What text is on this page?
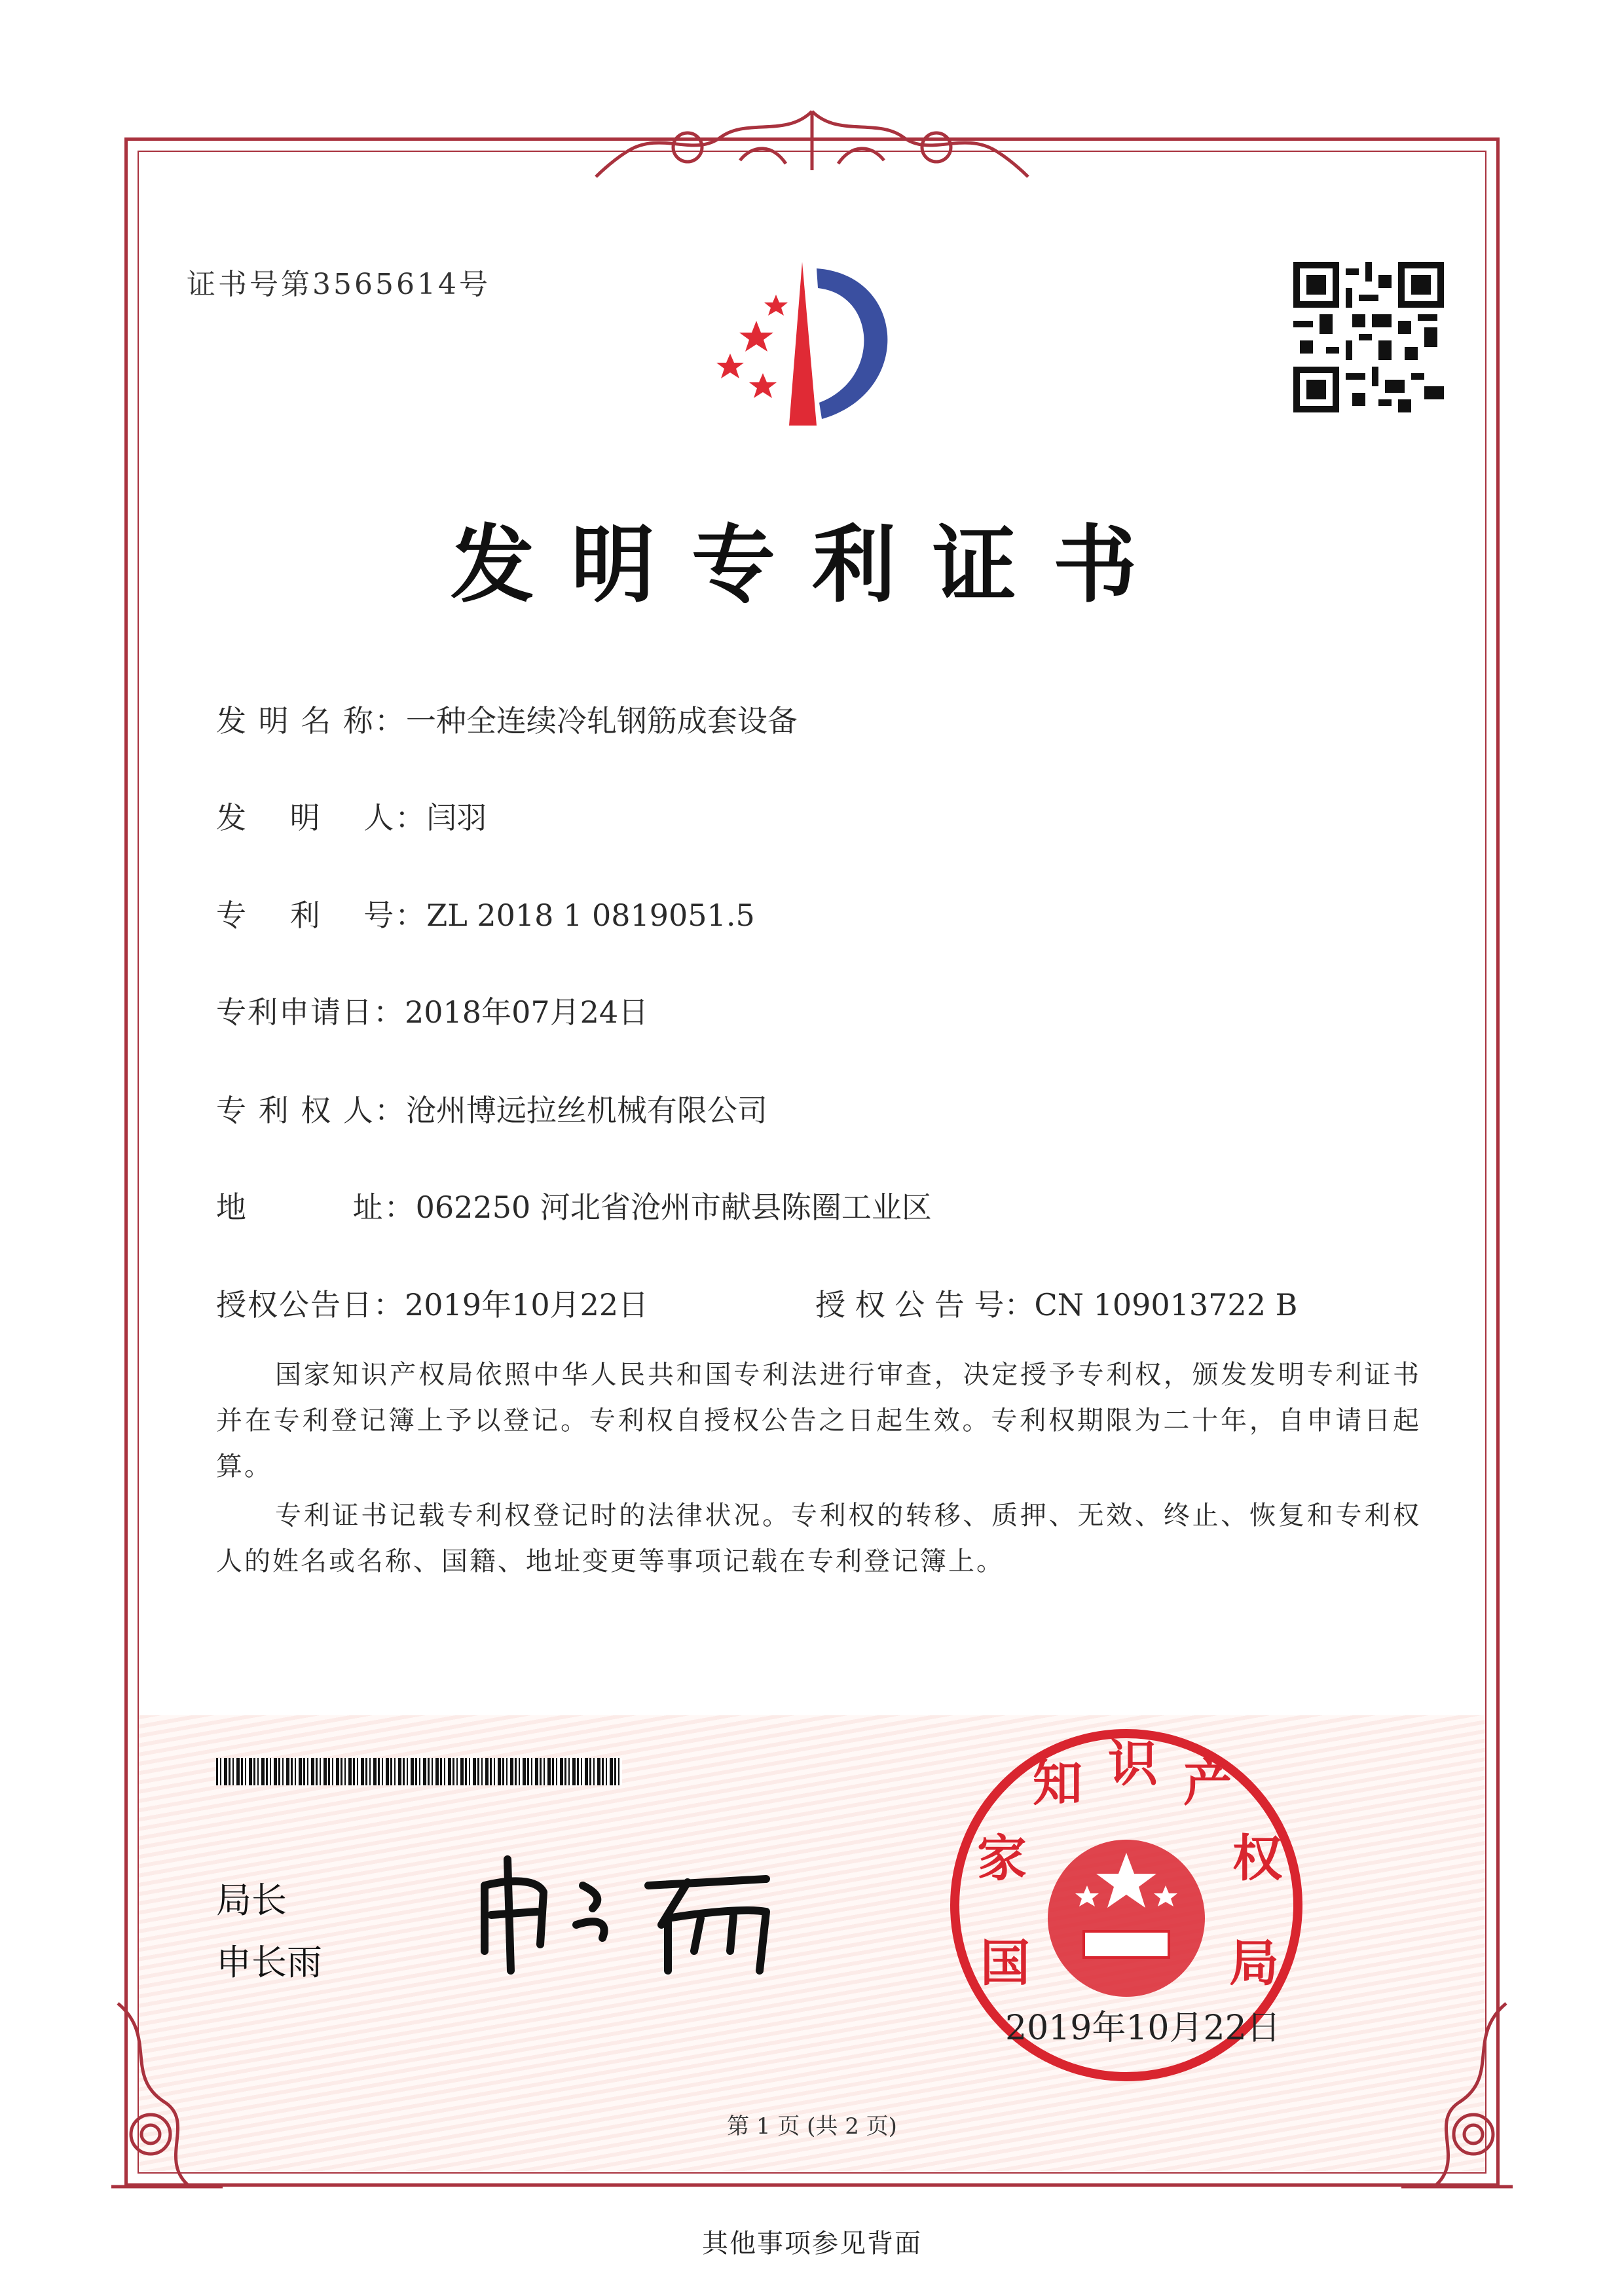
证书号第3565614号
发明专利证书
发 明 名 称：一种全连续冷轧钢筋成套设备
发　 明　 人：闫羽
专　 利　 号：ZL 2018 1 0819051.5
专利申请日：2018年07月24日
专 利 权 人：沧州博远拉丝机械有限公司
地　　　 址：062250 河北省沧州市献县陈圈工业区
授权公告日：2019年10月22日	授 权 公 告 号：CN 109013722 B
国家知识产权局依照中华人民共和国专利法进行审查，决定授予专利权，颁发发明专利证书并在专利登记簿上予以登记。专利权自授权公告之日起生效。专利权期限为二十年，自申请日起算。
专利证书记载专利权登记时的法律状况。专利权的转移、质押、无效、终止、恢复和专利权人的姓名或名称、国籍、地址变更等事项记载在专利登记簿上。
局长
申长雨	国
家
知 识 产
权
局
2019年10月22日
第 1 页 (共 2 页)
其他事项参见背面
